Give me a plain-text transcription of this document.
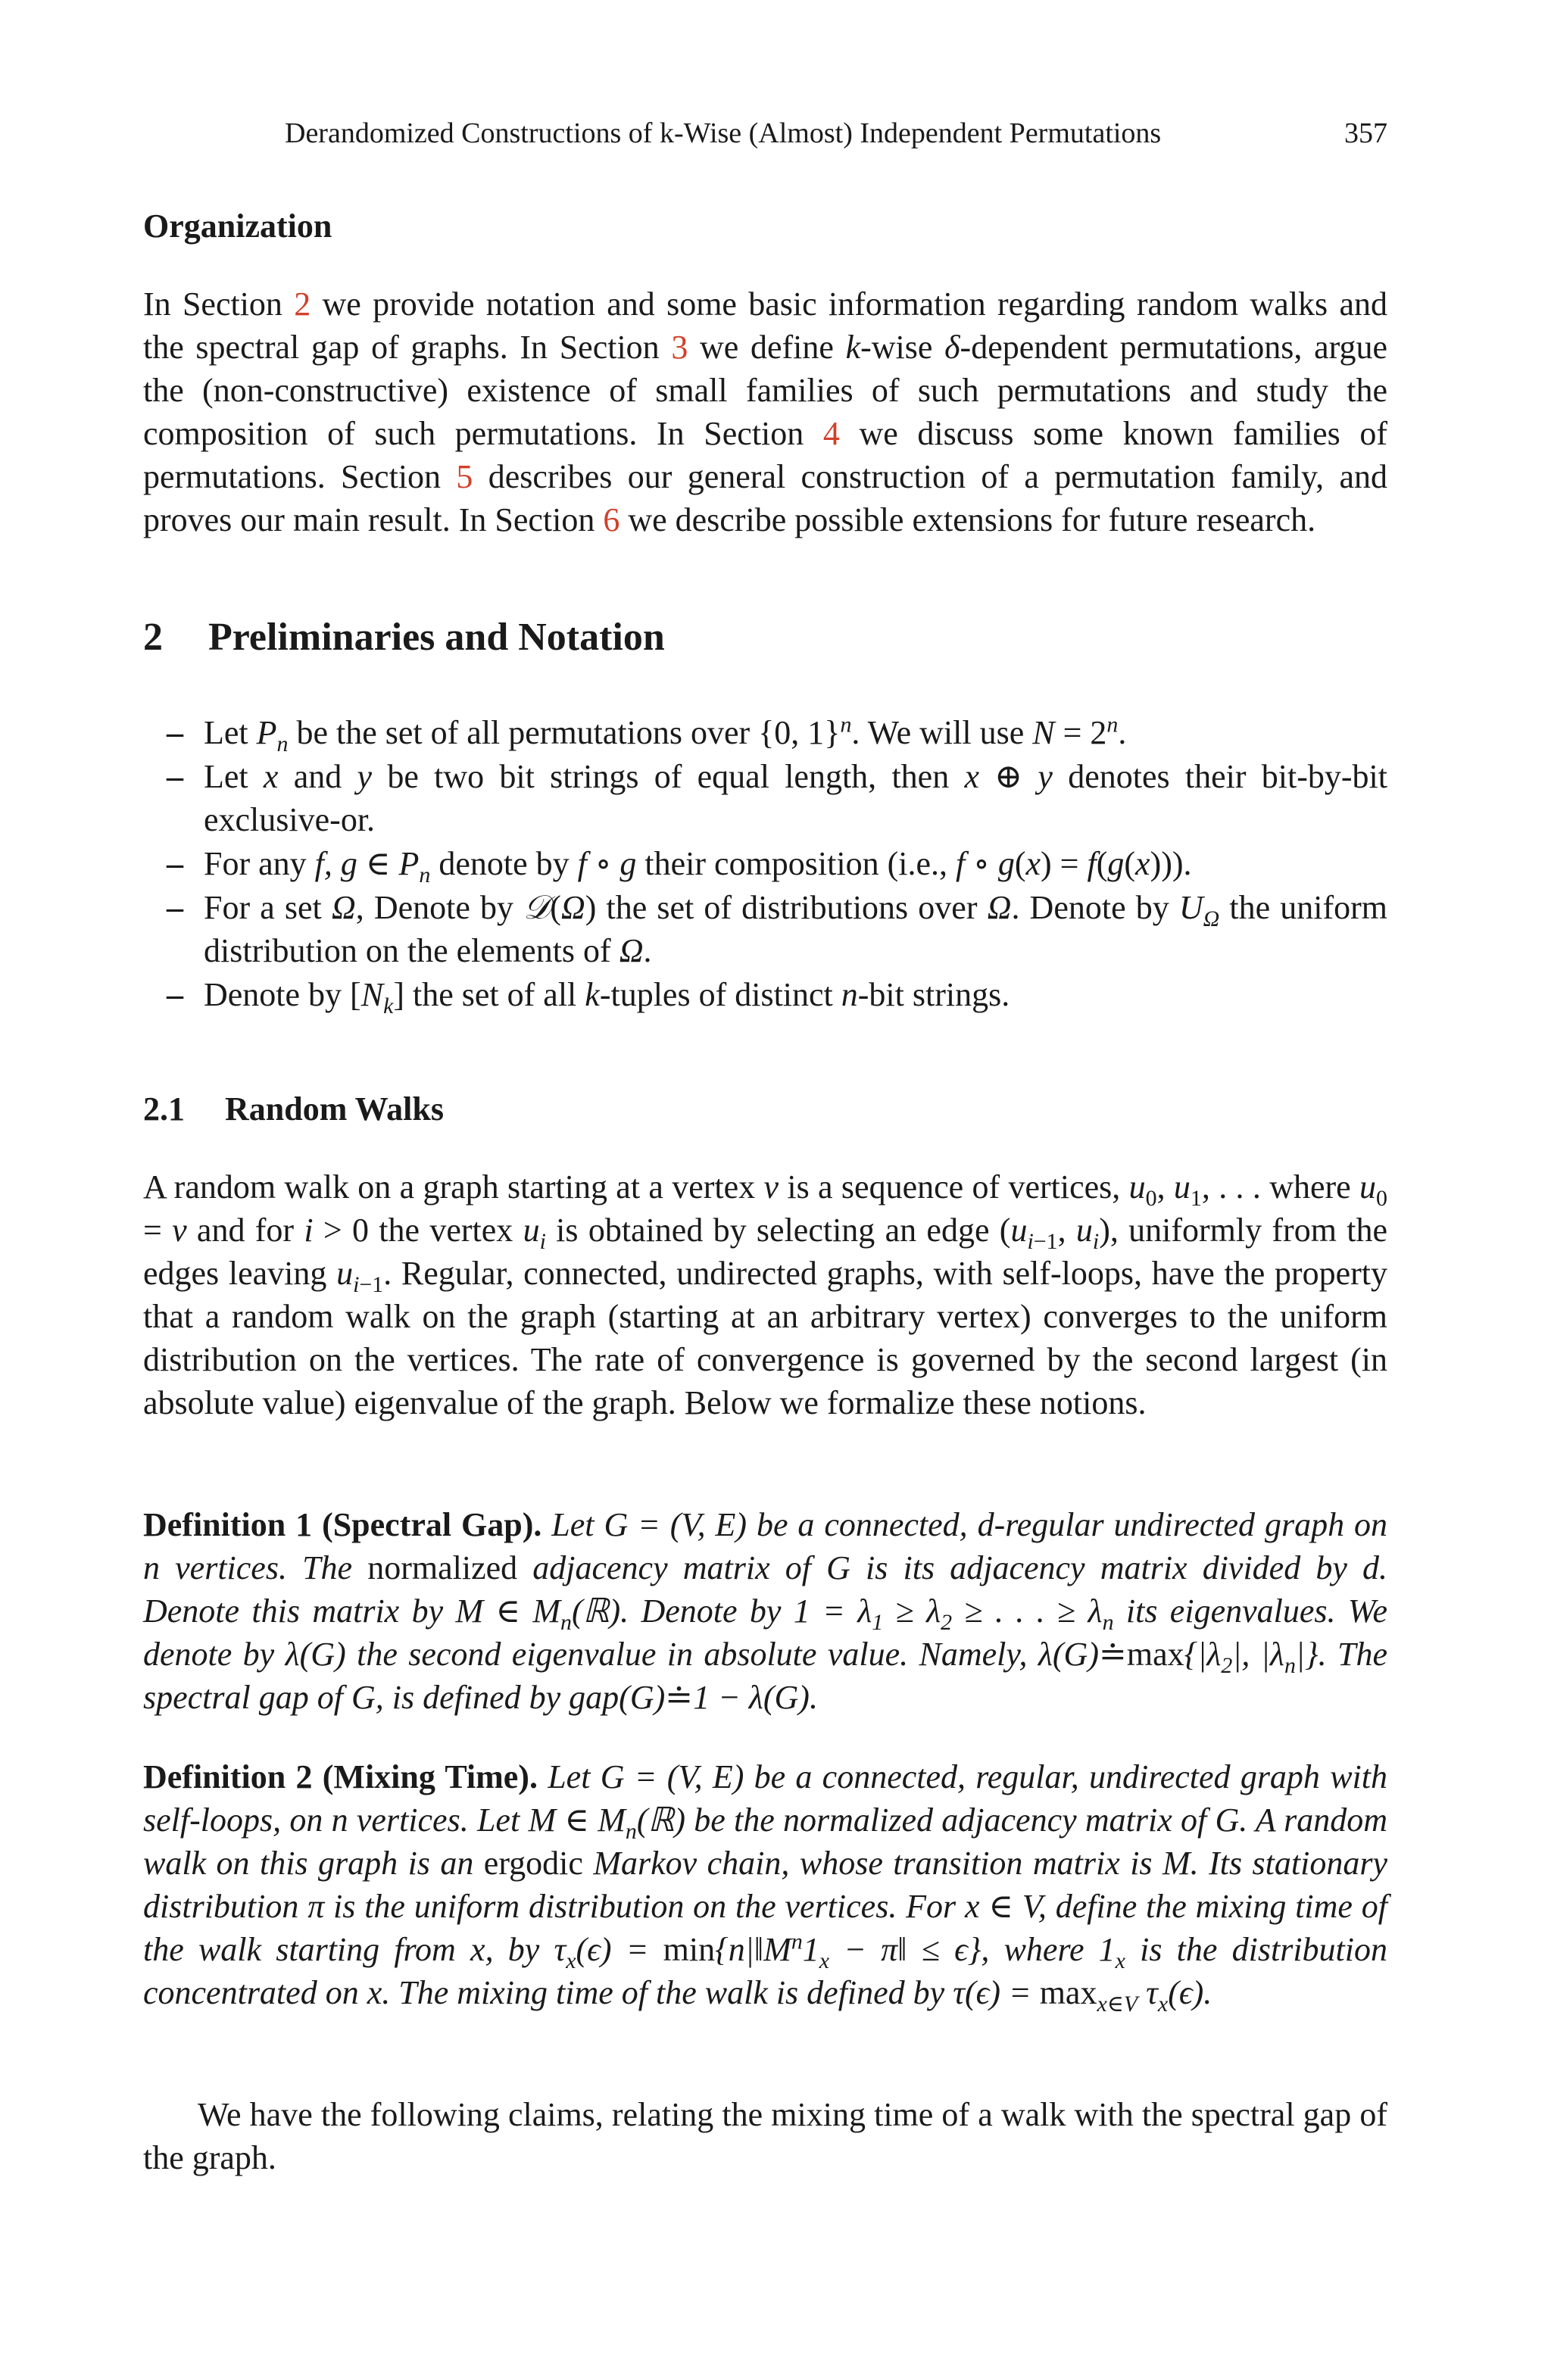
Derandomized Constructions of k-Wise (Almost) Independent Permutations	357
Organization

In Section 2 we provide notation and some basic information regarding random walks and the spectral gap of graphs. In Section 3 we define k-wise δ-dependent permutations, argue the (non-constructive) existence of small families of such permutations and study the composition of such permutations. In Section 4 we discuss some known families of permutations. Section 5 describes our general construction of a permutation family, and proves our main result. In Section 6 we describe possible extensions for future research.

2 Preliminaries and Notation
– Let $P_n$ be the set of all permutations over {0, 1}$^n$. We will use $N = 2^n$.
– Let x and y be two bit strings of equal length, then x ⊕ y denotes their bit-by-bit exclusive-or.
– For any f, g ∈ $P_n$ denote by f ∘ g their composition (i.e., f ∘ g(x) = f(g(x))).
– For a set Ω, Denote by 𝒟(Ω) the set of distributions over Ω. Denote by $U_\Omega$ the uniform distribution on the elements of Ω.
– Denote by $[N_k]$ the set of all k-tuples of distinct n-bit strings.
2.1 Random Walks

A random walk on a graph starting at a vertex v is a sequence of vertices, $u_0$, $u_1$, . . . where $u_0 = v$ and for i > 0 the vertex $u_i$ is obtained by selecting an edge ($u_{i-1}$, $u_i$), uniformly from the edges leaving $u_{i-1}$. Regular, connected, undirected graphs, with self-loops, have the property that a random walk on the graph (starting at an arbitrary vertex) converges to the uniform distribution on the vertices. The rate of convergence is governed by the second largest (in absolute value) eigenvalue of the graph. Below we formalize these notions.

Definition 1 (Spectral Gap). Let G = (V, E) be a connected, d-regular undirected graph on n vertices. The normalized adjacency matrix of G is its adjacency matrix divided by d. Denote this matrix by M ∈ $M_n(ℝ)$. Denote by $1 = \lambda_1 \ge \lambda_2$ ≥ . . . ≥ $\lambda_n$ its eigenvalues. We denote by λ(G) the second eigenvalue in absolute value. Namely, $\lambda(G)≐\max\{|\lambda_2|$, $|\lambda_n|$}. The spectral gap of G, is defined by gap(G)≐1 − λ(G).

Definition 2 (Mixing Time). Let G = (V, E) be a connected, regular, undirected graph with self-loops, on n vertices. Let M ∈ $M_n(ℝ)$ be the normalized adjacency matrix of G. A random walk on this graph is an ergodic Markov chain, whose transition matrix is M. Its stationary distribution π is the uniform distribution on the vertices. For x ∈ V, define the mixing time of the walk starting from x, by $\tau_x(\epsilon)$ = $\min\{n|‖M^n1_x$ − π‖ ≤ ϵ}, where $1_x$ is the distribution concentrated on x. The mixing time of the walk is defined by $\tau(\epsilon) = \max_{x\in V} \tau_x(\epsilon)$.

We have the following claims, relating the mixing time of a walk with the spectral gap of the graph.
